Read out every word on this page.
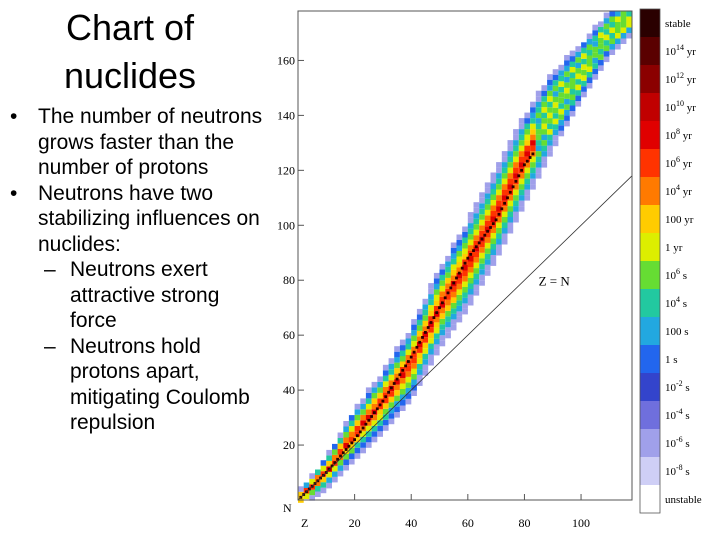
Chart of
nuclides
• The number of neutrons grows faster than the number of protons
• Neutrons have two stabilizing influences on nuclides:
– Neutrons exert attractive strong force
– Neutrons hold protons apart, mitigating Coulomb repulsion
Z = N
20	40	60	80	100
20
40
60
80
100
120
140
160
Z
N
stable
$10^{14}$ yr
$10^{12}$ yr
$10^{10}$ yr
$10^8$ yr
$10^6$ yr
$10^4$ yr
100 yr
1 yr
$10^6$ s
$10^4$ s
100 s
1 s
$10^{-2}$ s
$10^{-4}$ s
$10^{-6}$ s
$10^{-8}$ s
unstable
